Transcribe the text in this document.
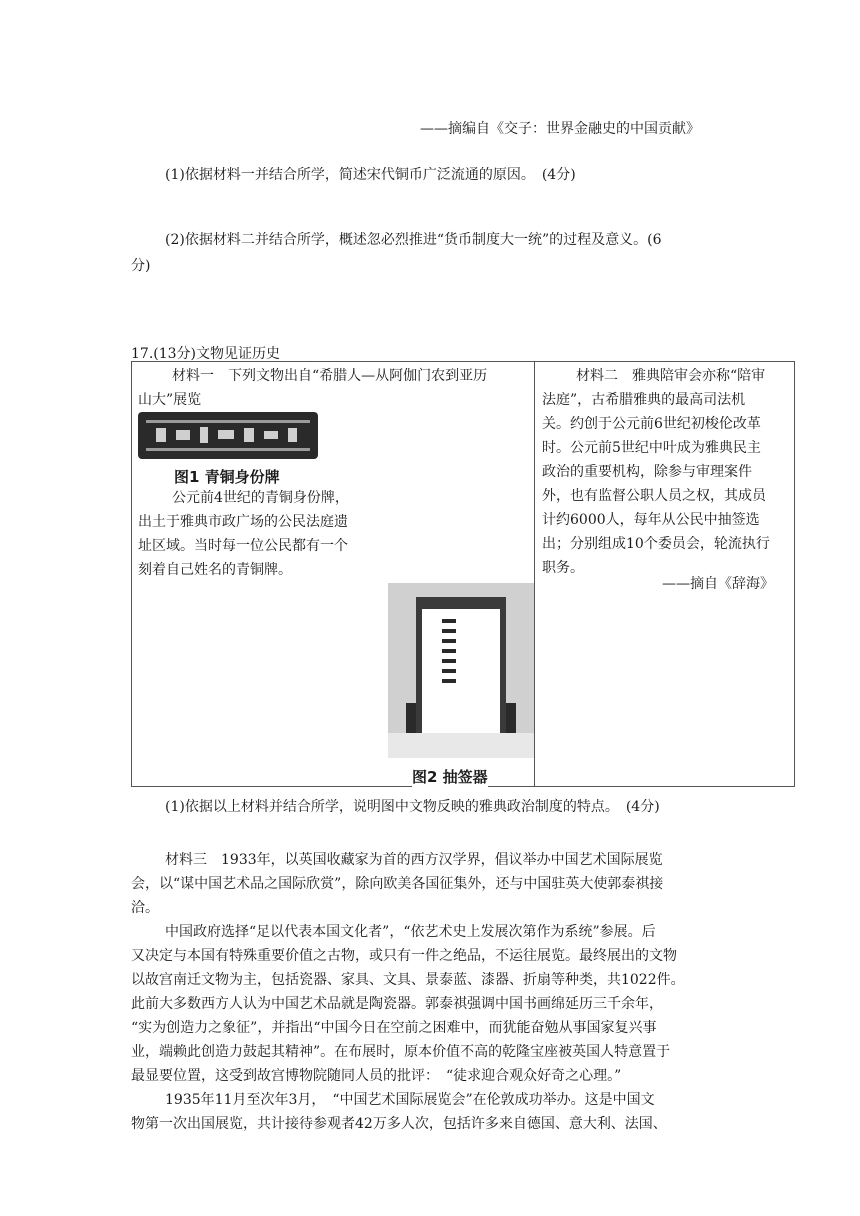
——摘编自《交子：世界金融史的中国贡献》
(1)依据材料一并结合所学，简述宋代铜币广泛流通的原因。　(4分)
(2)依据材料二并结合所学，概述忽必烈推进“货币制度大一统”的过程及意义。(6
分)
17.(13分)文物见证历史
材料一　下列文物出自“希腊人—从阿伽门农到亚历
山大”展览
图1 青铜身份牌
公元前4世纪的青铜身份牌，
出土于雅典市政广场的公民法庭遗
址区域。当时每一位公民都有一个
刻着自己姓名的青铜牌。
图2 抽签器
材料二　雅典陪审会亦称“陪审
法庭”，古希腊雅典的最高司法机
关。约创于公元前6世纪初梭伦改革
时。公元前5世纪中叶成为雅典民主
政治的重要机构，除参与审理案件
外，也有监督公职人员之权，其成员
计约6000人，每年从公民中抽签选
出；分别组成10个委员会，轮流执行
职务。
——摘自《辞海》
(1)依据以上材料并结合所学，说明图中文物反映的雅典政治制度的特点。　(4分)
材料三　1933年，以英国收藏家为首的西方汉学界，倡议举办中国艺术国际展览
会，以“谋中国艺术品之国际欣赏”，除向欧美各国征集外，还与中国驻英大使郭泰祺接
洽。
中国政府选择“足以代表本国文化者”，“依艺术史上发展次第作为系统”参展。后
又决定与本国有特殊重要价值之古物，或只有一件之绝品，不运往展览。最终展出的文物
以故宫南迁文物为主，包括瓷器、家具、文具、景泰蓝、漆器、折扇等种类，共1022件。
此前大多数西方人认为中国艺术品就是陶瓷器。郭泰祺强调中国书画绵延历三千余年，
“实为创造力之象征”，并指出“中国今日在空前之困难中，而犹能奋勉从事国家复兴事
业，端赖此创造力鼓起其精神”。在布展时，原本价值不高的乾隆宝座被英国人特意置于
最显要位置，这受到故宫博物院随同人员的批评：　“徒求迎合观众好奇之心理。”
1935年11月至次年3月，　“中国艺术国际展览会”在伦敦成功举办。这是中国文
物第一次出国展览，共计接待参观者42万多人次，包括许多来自德国、意大利、法国、
